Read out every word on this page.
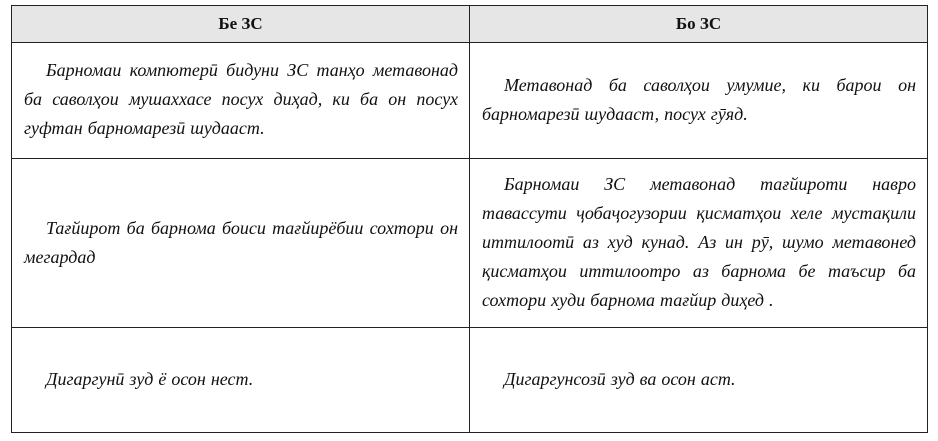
Бе ЗС	Бо ЗС

Барномаи компютерӣ бидуни ЗС танҳо метавонад ба саволҳои мушаххасе посух диҳад, ки ба он посух гуфтан барномарезӣ шудааст.	Метавонад ба саволҳои умумие, ки барои он барномарезӣ шудааст, посух гӯяд.

Тағйирот ба барнома боиси тағйирёбии сохтори он мегардад	Барномаи ЗС метавонад тағйироти навро тавассути ҷобаҷогузории қисматҳои хеле мустақили иттилоотӣ аз худ кунад. Аз ин рӯ, шумо метавонед қисматҳои иттилоотро аз барнома бе таъсир ба сохтори худи барнома тағйир диҳед .

Дигаргунӣ зуд ё осон нест.	Дигаргунсозӣ зуд ва осон аст.
